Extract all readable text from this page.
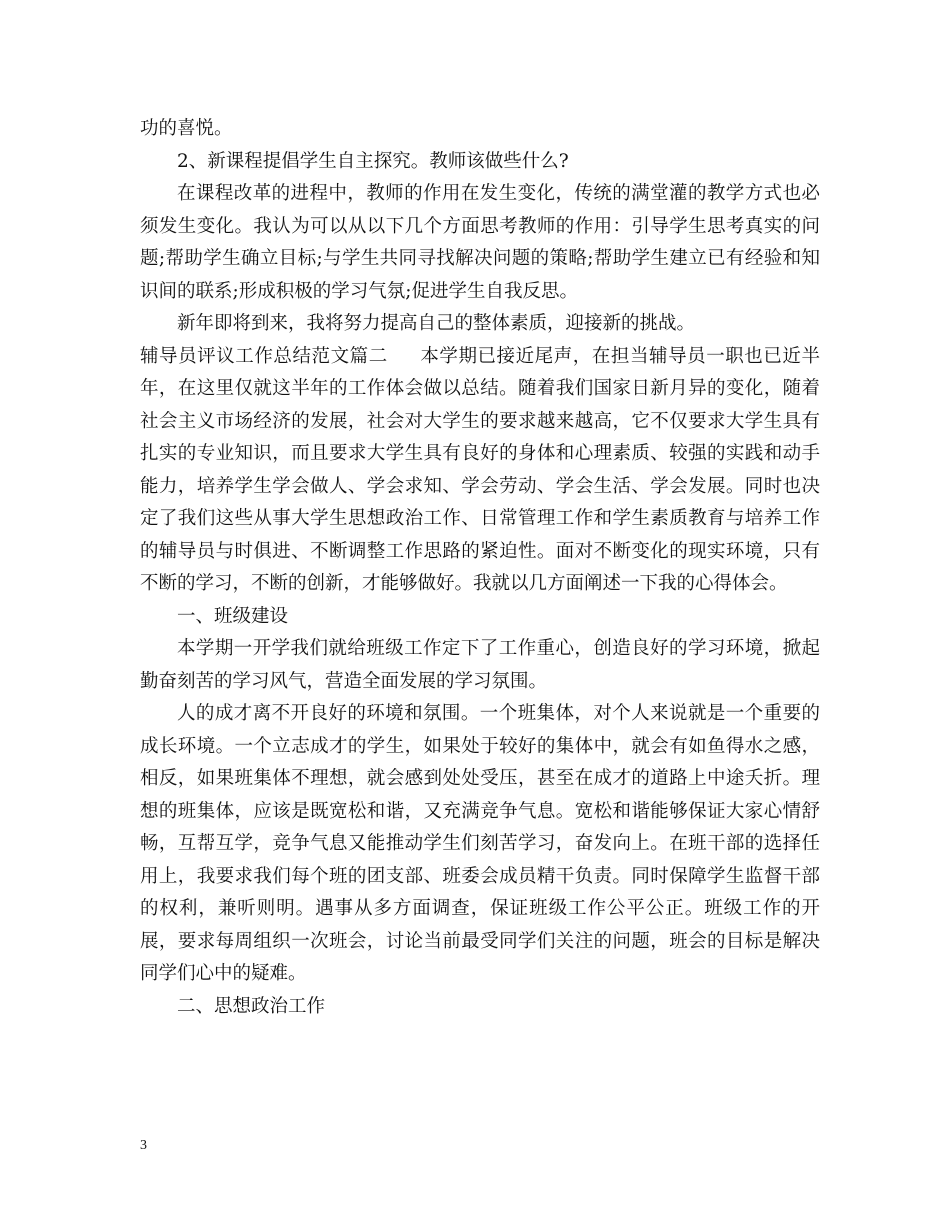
功的喜悦。

2、新课程提倡学生自主探究。教师该做些什么?

在课程改革的进程中，教师的作用在发生变化，传统的满堂灌的教学方式也必须发生变化。我认为可以从以下几个方面思考教师的作用：引导学生思考真实的问题;帮助学生确立目标;与学生共同寻找解决问题的策略;帮助学生建立已有经验和知识间的联系;形成积极的学习气氛;促进学生自我反思。

新年即将到来，我将努力提高自己的整体素质，迎接新的挑战。

辅导员评议工作总结范文篇二 本学期已接近尾声，在担当辅导员一职也已近半年，在这里仅就这半年的工作体会做以总结。随着我们国家日新月异的变化，随着社会主义市场经济的发展，社会对大学生的要求越来越高，它不仅要求大学生具有扎实的专业知识，而且要求大学生具有良好的身体和心理素质、较强的实践和动手能力，培养学生学会做人、学会求知、学会劳动、学会生活、学会发展。同时也决定了我们这些从事大学生思想政治工作、日常管理工作和学生素质教育与培养工作的辅导员与时俱进、不断调整工作思路的紧迫性。面对不断变化的现实环境，只有不断的学习，不断的创新，才能够做好。我就以几方面阐述一下我的心得体会。

一、班级建设

本学期一开学我们就给班级工作定下了工作重心，创造良好的学习环境，掀起勤奋刻苦的学习风气，营造全面发展的学习氛围。

人的成才离不开良好的环境和氛围。一个班集体，对个人来说就是一个重要的成长环境。一个立志成才的学生，如果处于较好的集体中，就会有如鱼得水之感，相反，如果班集体不理想，就会感到处处受压，甚至在成才的道路上中途夭折。理想的班集体，应该是既宽松和谐，又充满竞争气息。宽松和谐能够保证大家心情舒畅，互帮互学，竞争气息又能推动学生们刻苦学习，奋发向上。在班干部的选择任用上，我要求我们每个班的团支部、班委会成员精干负责。同时保障学生监督干部的权利，兼听则明。遇事从多方面调查，保证班级工作公平公正。班级工作的开展，要求每周组织一次班会，讨论当前最受同学们关注的问题，班会的目标是解决同学们心中的疑难。

二、思想政治工作

3
